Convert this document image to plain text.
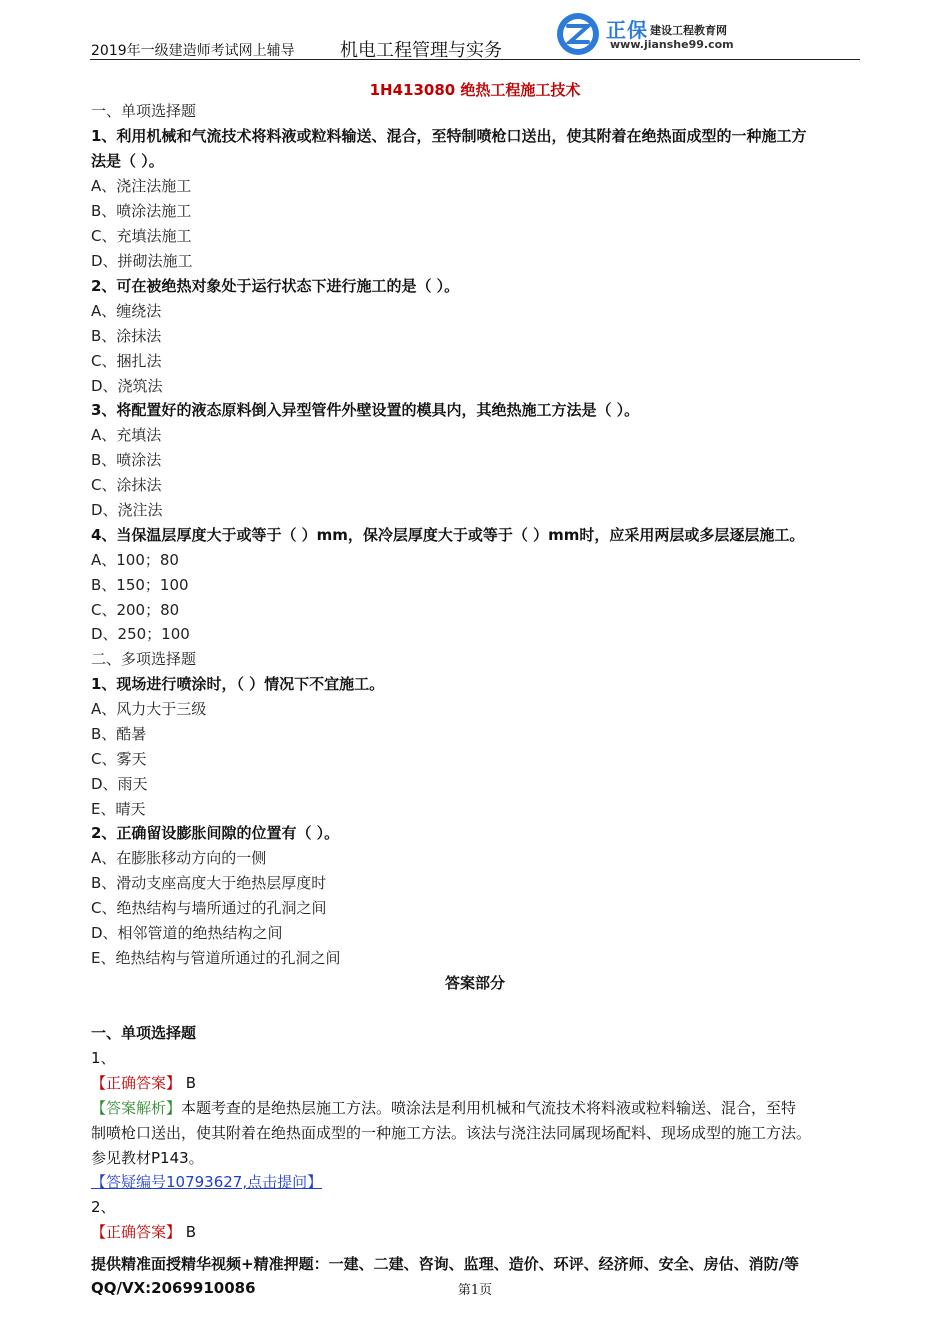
2019年一级建造师考试网上辅导	机电工程管理与实务
正保 建设工程教育网
www.jianshe99.com
1H413080 绝热工程施工技术
一、单项选择题
1、利用机械和气流技术将料液或粒料输送、混合，至特制喷枪口送出，使其附着在绝热面成型的一种施工方
法是（ ）。
A、浇注法施工
B、喷涂法施工
C、充填法施工
D、拼砌法施工
2、可在被绝热对象处于运行状态下进行施工的是（ ）。
A、缠绕法
B、涂抹法
C、捆扎法
D、浇筑法
3、将配置好的液态原料倒入异型管件外壁设置的模具内，其绝热施工方法是（ ）。
A、充填法
B、喷涂法
C、涂抹法
D、浇注法
4、当保温层厚度大于或等于（ ）mm，保冷层厚度大于或等于（ ）mm时，应采用两层或多层逐层施工。
A、100；80
B、150；100
C、200；80
D、250；100
二、多项选择题
1、现场进行喷涂时，（ ）情况下不宜施工。
A、风力大于三级
B、酷暑
C、雾天
D、雨天
E、晴天
2、正确留设膨胀间隙的位置有（ ）。
A、在膨胀移动方向的一侧
B、滑动支座高度大于绝热层厚度时
C、绝热结构与墙所通过的孔洞之间
D、相邻管道的绝热结构之间
E、绝热结构与管道所通过的孔洞之间
答案部分
一、单项选择题
1、
【正确答案】 B
【答案解析】本题考查的是绝热层施工方法。喷涂法是利用机械和气流技术将料液或粒料输送、混合，至特
制喷枪口送出，使其附着在绝热面成型的一种施工方法。该法与浇注法同属现场配料、现场成型的施工方法。
参见教材P143。
【答疑编号10793627,点击提问】
2、
【正确答案】 B
提供精准面授精华视频+精准押题：一建、二建、咨询、监理、造价、环评、经济师、安全、房估、消防/等
QQ/VX:2069910086	第1页
